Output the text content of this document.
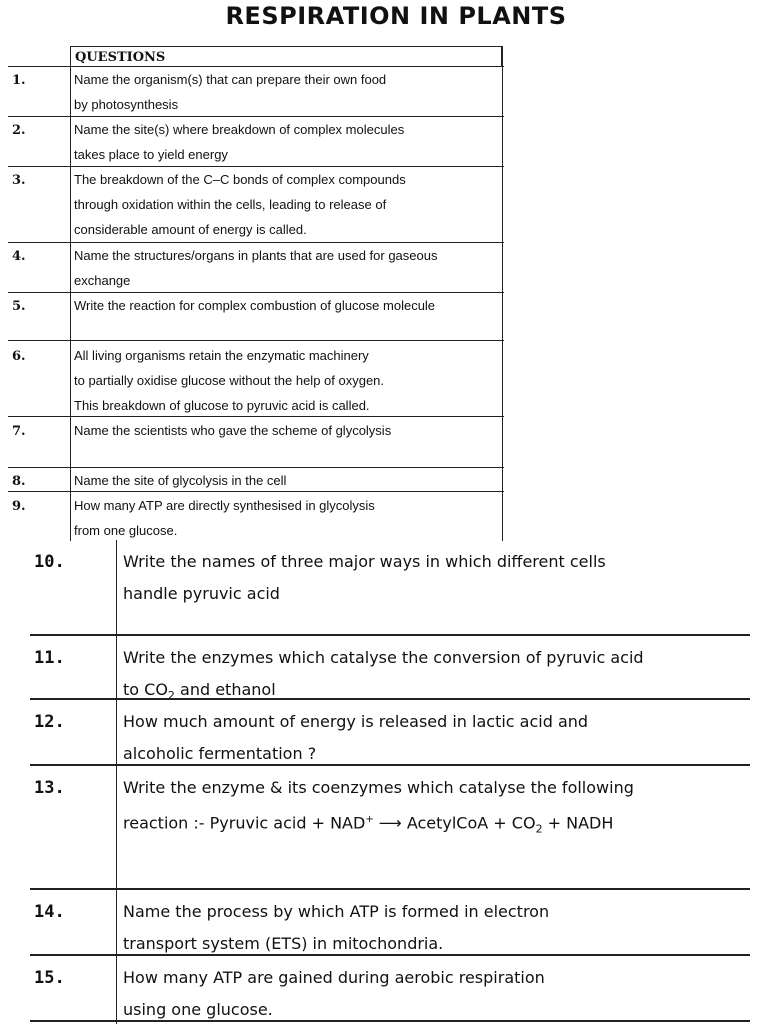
RESPIRATION IN PLANTS
QUESTIONS
1.	Name the organism(s) that can prepare their own food
by photosynthesis
2.	Name the site(s) where breakdown of complex molecules
takes place to yield energy
3.	The breakdown of the C–C bonds of complex compounds
through oxidation within the cells, leading to release of
considerable amount of energy is called.
4.	Name the structures/organs in plants that are used for gaseous
exchange
5.	Write the reaction for complex combustion of glucose molecule
6.	All living organisms retain the enzymatic machinery
to partially oxidise glucose without the help of oxygen.
This breakdown of glucose to pyruvic acid is called.
7.	Name the scientists who gave the scheme of glycolysis
8.	Name the site of glycolysis in the cell
9.	How many ATP are directly synthesised in glycolysis
from one glucose.
10.	Write the names of three major ways in which different cells
handle pyruvic acid
11.	Write the enzymes which catalyse the conversion of pyruvic acid
to $CO_2$ and ethanol
12.	How much amount of energy is released in lactic acid and
alcoholic fermentation ?
13.	Write the enzyme & its coenzymes which catalyse the following
reaction :- Pyruvic acid + NAD+ ⟶ AcetylCoA + $CO_2$ + NADH
14.	Name the process by which ATP is formed in electron
transport system (ETS) in mitochondria.
15.	How many ATP are gained during aerobic respiration
using one glucose.
